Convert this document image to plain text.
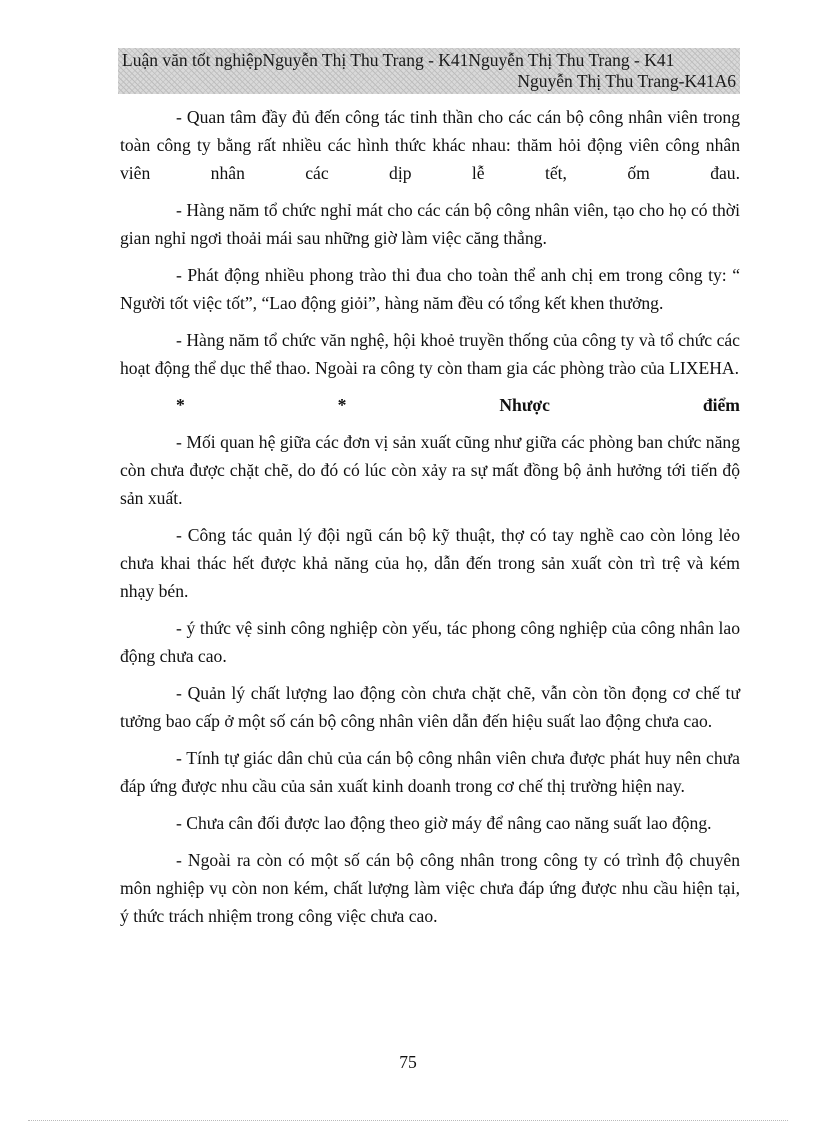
Luận văn tốt nghiệpNguyễn Thị Thu Trang - K41Nguyễn Thị Thu Trang - K41
Nguyễn Thị Thu Trang-K41A6

- Quan tâm đầy đủ đến công tác tinh thần cho các cán bộ công nhân viên trong toàn công ty bằng rất nhiều các hình thức khác nhau: thăm hỏi động viên công nhân viên nhân các dịp lễ tết, ốm đau.

- Hàng năm tổ chức nghỉ mát cho các cán bộ công nhân viên, tạo cho họ có thời gian nghỉ ngơi thoải mái sau những giờ làm việc căng thẳng.

- Phát động nhiều phong trào thi đua cho toàn thể anh chị em trong công ty: “ Người tốt việc tốt”, “Lao động giỏi”, hàng năm đều có tổng kết khen thưởng.

- Hàng năm tổ chức văn nghệ, hội khoẻ truyền thống của công ty và tổ chức các hoạt động thể dục thể thao. Ngoài ra công ty còn tham gia các phòng trào của LIXEHA.

*	*	Nhược	điểm

- Mối quan hệ giữa các đơn vị sản xuất cũng như giữa các phòng ban chức năng còn chưa được chặt chẽ, do đó có lúc còn xảy ra sự mất đồng bộ ảnh hưởng tới tiến độ sản xuất.

- Công tác quản lý đội ngũ cán bộ kỹ thuật, thợ có tay nghề cao còn lỏng lẻo chưa khai thác hết được khả năng của họ, dẫn đến trong sản xuất còn trì trệ và kém nhạy bén.

- ý thức vệ sinh công nghiệp còn yếu, tác phong công nghiệp của công nhân lao động chưa cao.

- Quản lý chất lượng lao động còn chưa chặt chẽ, vẫn còn tồn đọng cơ chế tư tưởng bao cấp ở một số cán bộ công nhân viên dẫn đến hiệu suất lao động chưa cao.

- Tính tự giác dân chủ của cán bộ công nhân viên chưa được phát huy nên chưa đáp ứng được nhu cầu của sản xuất kinh doanh trong cơ chế thị trường hiện nay.

- Chưa cân đối được lao động theo giờ máy để nâng cao năng suất lao động.

- Ngoài ra còn có một số cán bộ công nhân trong công ty có trình độ chuyên môn nghiệp vụ còn non kém, chất lượng làm việc chưa đáp ứng được nhu cầu hiện tại, ý thức trách nhiệm trong công việc chưa cao.

75
